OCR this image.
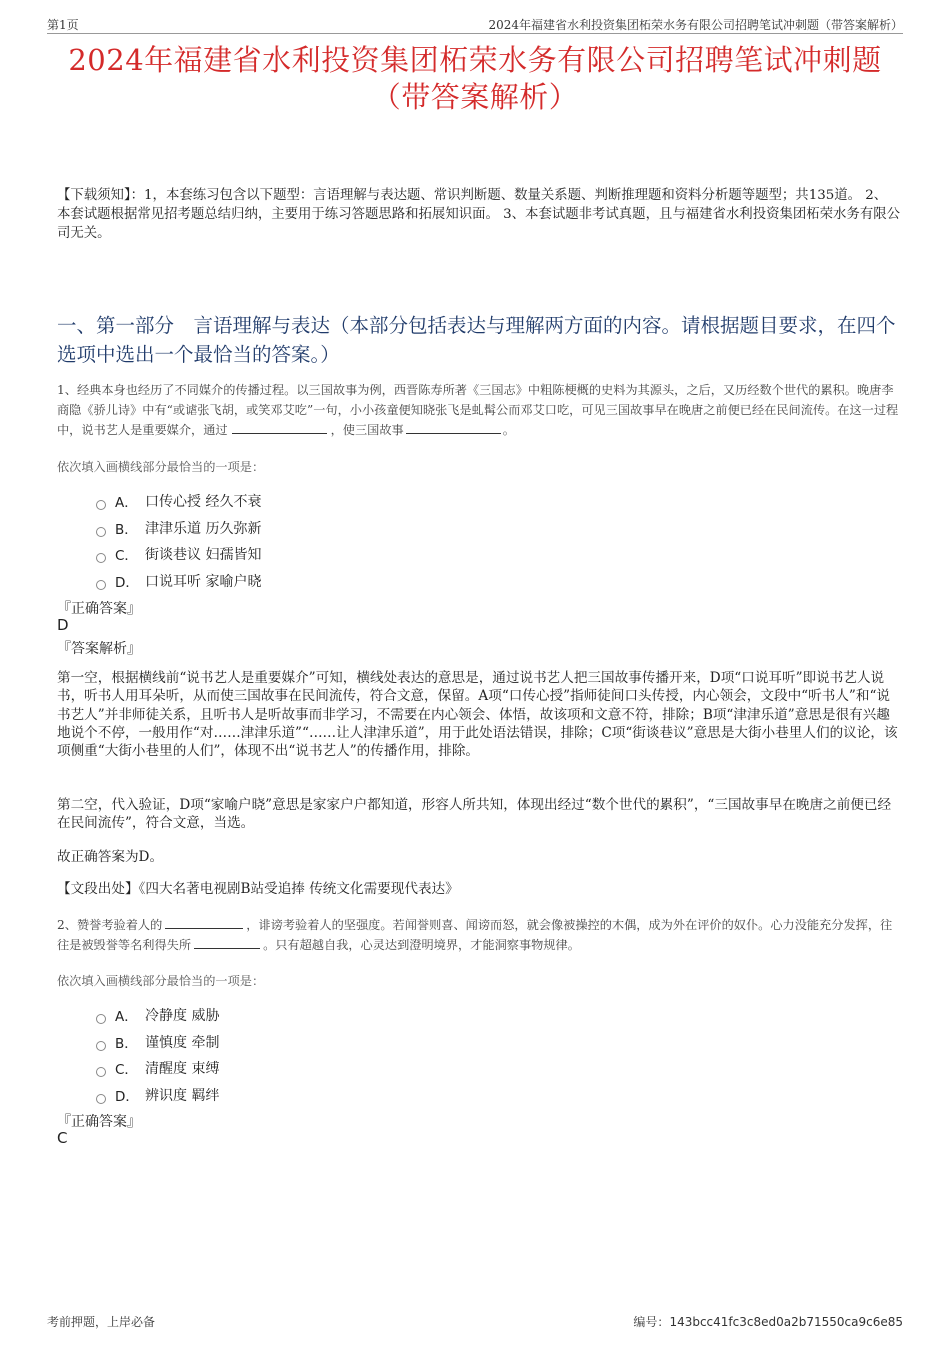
第1页	2024年福建省水利投资集团柘荣水务有限公司招聘笔试冲刺题（带答案解析）
2024年福建省水利投资集团柘荣水务有限公司招聘笔试冲刺题
（带答案解析）
【下载须知】：1，本套练习包含以下题型：言语理解与表达题、常识判断题、数量关系题、判断推理题和资料分析题等题型；共135道。 2、本套试题根据常见招考题总结归纳，主要用于练习答题思路和拓展知识面。 3、本套试题非考试真题，且与福建省水利投资集团柘荣水务有限公司无关。
一、第一部分　言语理解与表达（本部分包括表达与理解两方面的内容。请根据题目要求，在四个选项中选出一个最恰当的答案。）
1、经典本身也经历了不同媒介的传播过程。以三国故事为例，西晋陈寿所著《三国志》中粗陈梗概的史料为其源头，之后，又历经数个世代的累积。晚唐李商隐《骄儿诗》中有“或谑张飞胡，或笑邓艾吃”一句，小小孩童便知晓张飞是虬髯公而邓艾口吃，可见三国故事早在晚唐之前便已经在民间流传。在这一过程中，说书艺人是重要媒介，通过	，使三国故事	。
依次填入画横线部分最恰当的一项是：
A． 口传心授 经久不衰
B． 津津乐道 历久弥新
C． 街谈巷议 妇孺皆知
D． 口说耳听 家喻户晓
『正确答案』
D
『答案解析』
第一空，根据横线前“说书艺人是重要媒介”可知，横线处表达的意思是，通过说书艺人把三国故事传播开来，D项“口说耳听”即说书艺人说书，听书人用耳朵听，从而使三国故事在民间流传，符合文意，保留。A项“口传心授”指师徒间口头传授，内心领会，文段中“听书人”和“说书艺人”并非师徒关系，且听书人是听故事而非学习，不需要在内心领会、体悟，故该项和文意不符，排除；B项“津津乐道”意思是很有兴趣地说个不停，一般用作“对……津津乐道”“……让人津津乐道”，用于此处语法错误，排除；C项“街谈巷议”意思是大街小巷里人们的议论，该项侧重“大街小巷里的人们”，体现不出“说书艺人”的传播作用，排除。
第二空，代入验证，D项“家喻户晓”意思是家家户户都知道，形容人所共知，体现出经过“数个世代的累积”，“三国故事早在晚唐之前便已经在民间流传”，符合文意，当选。
故正确答案为D。
【文段出处】《四大名著电视剧B站受追捧 传统文化需要现代表达》
2、赞誉考验着人的	，诽谤考验着人的坚强度。若闻誉则喜、闻谤而怒，就会像被操控的木偶，成为外在评价的奴仆。心力没能充分发挥，往往是被毁誉等名利得失所	。只有超越自我，心灵达到澄明境界，才能洞察事物规律。
依次填入画横线部分最恰当的一项是：
A． 冷静度 威胁
B． 谨慎度 牵制
C． 清醒度 束缚
D． 辨识度 羁绊
『正确答案』
C
考前押题，上岸必备	编号：143bcc41fc3c8ed0a2b71550ca9c6e85
